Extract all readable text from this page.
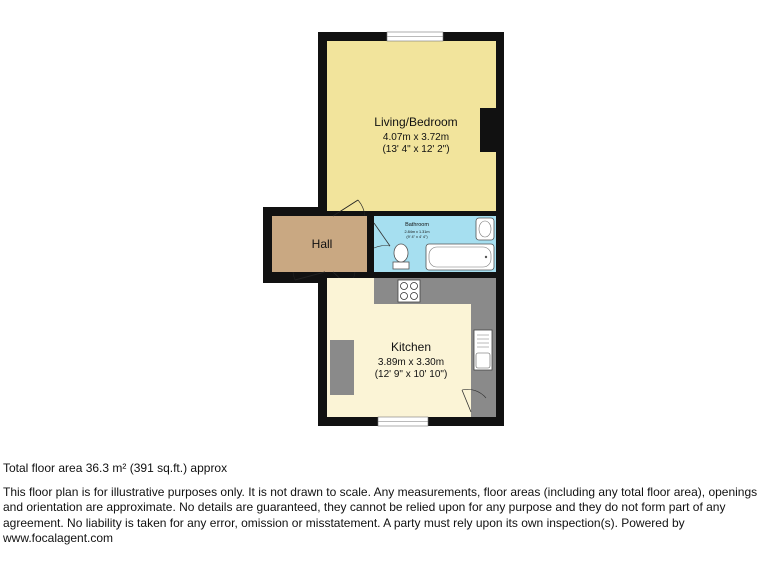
Living/Bedroom
4.07m x 3.72m
(13' 4" x 12' 2")
Bathroom
2.84m x 1.31m
(9' 4" x 4' 4")
Hall
Kitchen
3.89m x 3.30m
(12' 9" x 10' 10")
Total floor area 36.3 m² (391 sq.ft.) approx

This floor plan is for illustrative purposes only. It is not drawn to scale. Any measurements, floor areas (including any total floor area), openings and orientation are approximate. No details are guaranteed, they cannot be relied upon for any purpose and they do not form part of any agreement. No liability is taken for any error, omission or misstatement. A party must rely upon its own inspection(s). Powered by www.focalagent.com
